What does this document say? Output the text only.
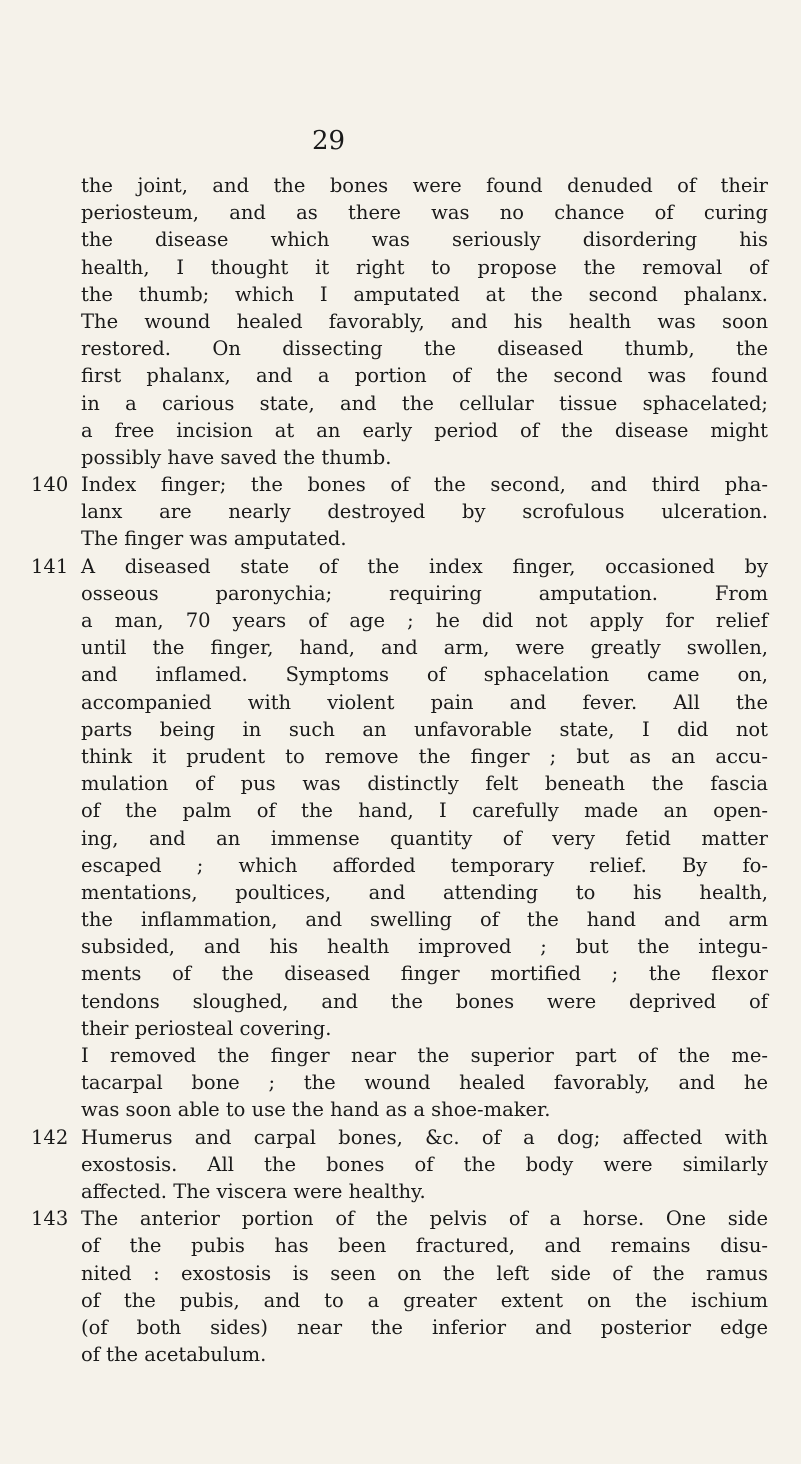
29
the joint, and the bones were found denuded of their
periosteum, and as there was no chance of curing
the disease which was seriously disordering his
health, I thought it right to propose the removal of
the thumb; which I amputated at the second phalanx.
The wound healed favorably, and his health was soon
restored. On dissecting the diseased thumb, the
first phalanx, and a portion of the second was found
in a carious state, and the cellular tissue sphacelated;
a free incision at an early period of the disease might
possibly have saved the thumb.
140 Index finger; the bones of the second, and third pha-
lanx are nearly destroyed by scrofulous ulceration.
The finger was amputated.
141 A diseased state of the index finger, occasioned by
osseous paronychia; requiring amputation. From
a man, 70 years of age ; he did not apply for relief
until the finger, hand, and arm, were greatly swollen,
and inflamed. Symptoms of sphacelation came on,
accompanied with violent pain and fever. All the
parts being in such an unfavorable state, I did not
think it prudent to remove the finger ; but as an accu-
mulation of pus was distinctly felt beneath the fascia
of the palm of the hand, I carefully made an open-
ing, and an immense quantity of very fetid matter
escaped ; which afforded temporary relief. By fo-
mentations, poultices, and attending to his health,
the inflammation, and swelling of the hand and arm
subsided, and his health improved ; but the integu-
ments of the diseased finger mortified ; the flexor
tendons sloughed, and the bones were deprived of
their periosteal covering.
I removed the finger near the superior part of the me-
tacarpal bone ; the wound healed favorably, and he
was soon able to use the hand as a shoe-maker.
142 Humerus and carpal bones, &c. of a dog; affected with
exostosis. All the bones of the body were similarly
affected. The viscera were healthy.
143 The anterior portion of the pelvis of a horse. One side
of the pubis has been fractured, and remains disu-
nited : exostosis is seen on the left side of the ramus
of the pubis, and to a greater extent on the ischium
(of both sides) near the inferior and posterior edge
of the acetabulum.
